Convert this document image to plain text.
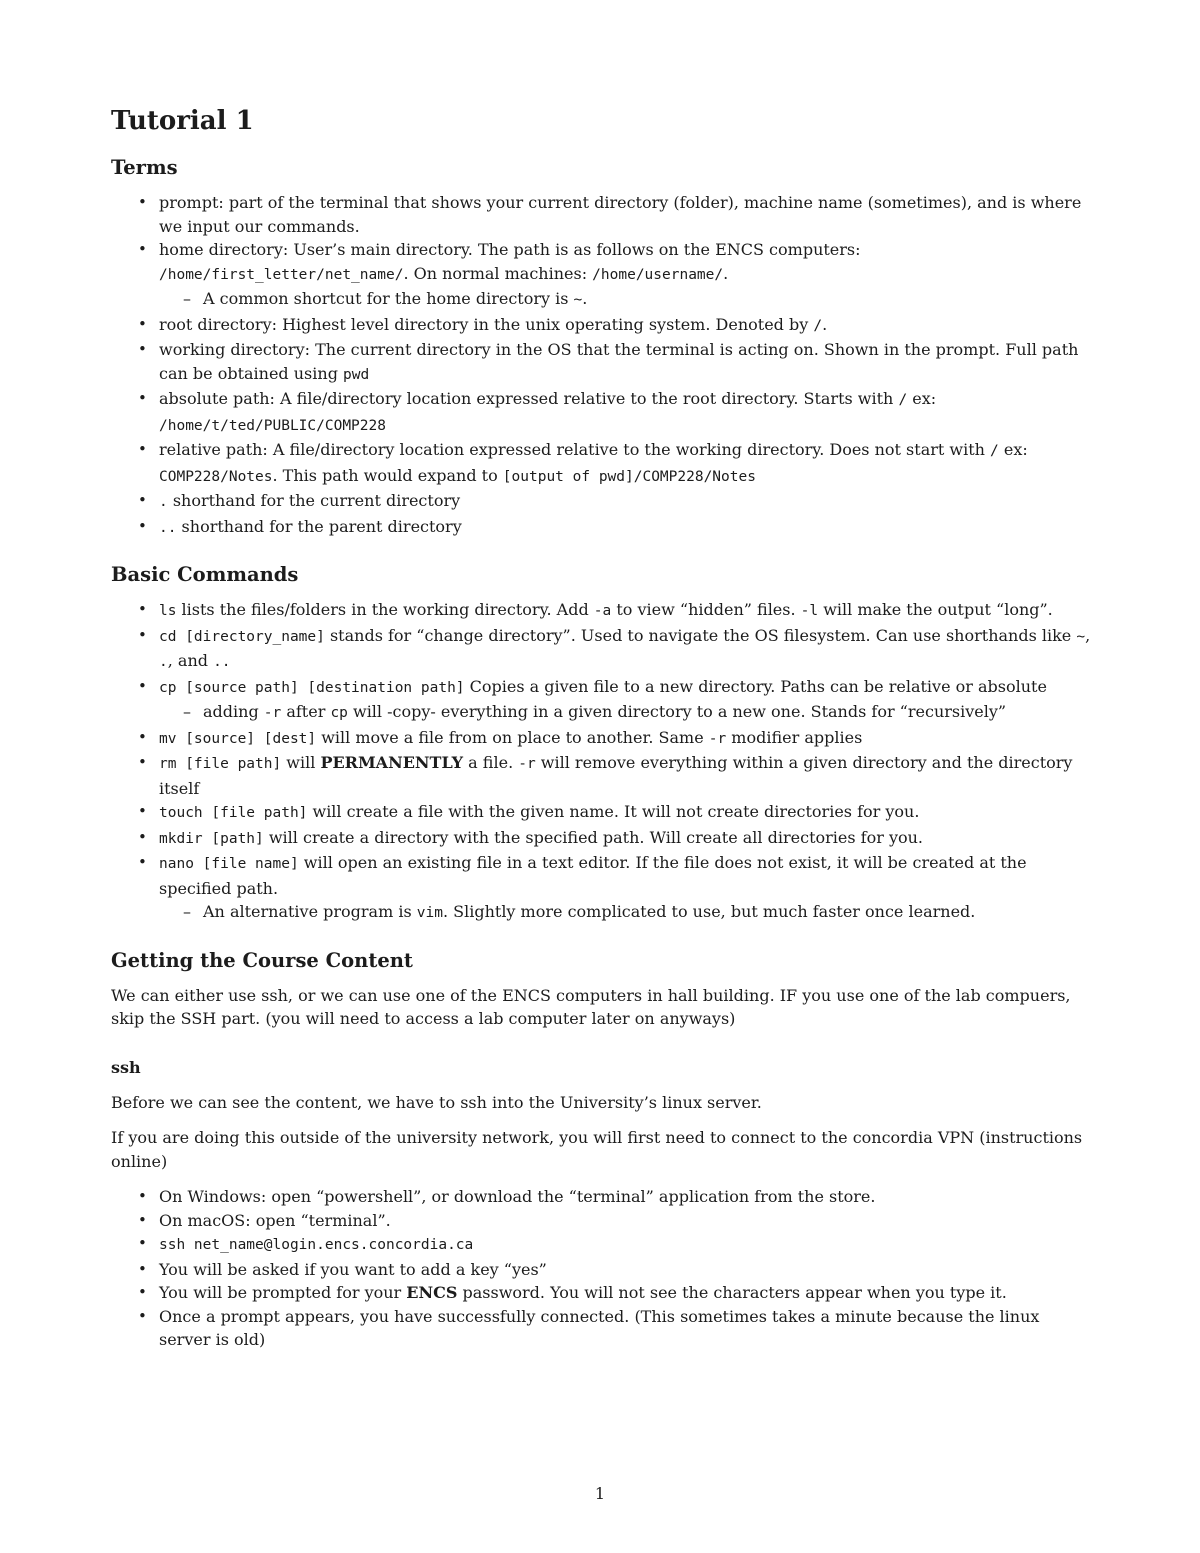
Tutorial 1
Terms
• prompt: part of the terminal that shows your current directory (folder), machine name (sometimes), and is where we input our commands.
• home directory: User’s main directory. The path is as follows on the ENCS computers: /home/first_letter/net_name/. On normal machines: /home/username/.
– A common shortcut for the home directory is ~.
• root directory: Highest level directory in the unix operating system. Denoted by /.
• working directory: The current directory in the OS that the terminal is acting on. Shown in the prompt. Full path can be obtained using pwd
• absolute path: A file/directory location expressed relative to the root directory. Starts with / ex: /home/t/ted/PUBLIC/COMP228
• relative path: A file/directory location expressed relative to the working directory. Does not start with / ex: COMP228/Notes. This path would expand to [output of pwd]/COMP228/Notes
• . shorthand for the current directory
• .. shorthand for the parent directory
Basic Commands
• ls lists the files/folders in the working directory. Add -a to view “hidden” files. -l will make the output “long”.
• cd [directory_name] stands for “change directory”. Used to navigate the OS filesystem. Can use shorthands like ~, ., and ..
• cp [source path] [destination path] Copies a given file to a new directory. Paths can be relative or absolute
– adding -r after cp will -copy- everything in a given directory to a new one. Stands for “recursively”
• mv [source] [dest] will move a file from on place to another. Same -r modifier applies
• rm [file path] will PERMANENTLY a file. -r will remove everything within a given directory and the directory itself
• touch [file path] will create a file with the given name. It will not create directories for you.
• mkdir [path] will create a directory with the specified path. Will create all directories for you.
• nano [file name] will open an existing file in a text editor. If the file does not exist, it will be created at the specified path.
– An alternative program is vim. Slightly more complicated to use, but much faster once learned.
Getting the Course Content

We can either use ssh, or we can use one of the ENCS computers in hall building. IF you use one of the lab compuers, skip the SSH part. (you will need to access a lab computer later on anyways)

ssh

Before we can see the content, we have to ssh into the University’s linux server.

If you are doing this outside of the university network, you will first need to connect to the concordia VPN (instructions online)

• On Windows: open “powershell”, or download the “terminal” application from the store.
• On macOS: open “terminal”.
• ssh net_name@login.encs.concordia.ca
• You will be asked if you want to add a key “yes”
• You will be prompted for your ENCS password. You will not see the characters appear when you type it.
• Once a prompt appears, you have successfully connected. (This sometimes takes a minute because the linux server is old)
1
